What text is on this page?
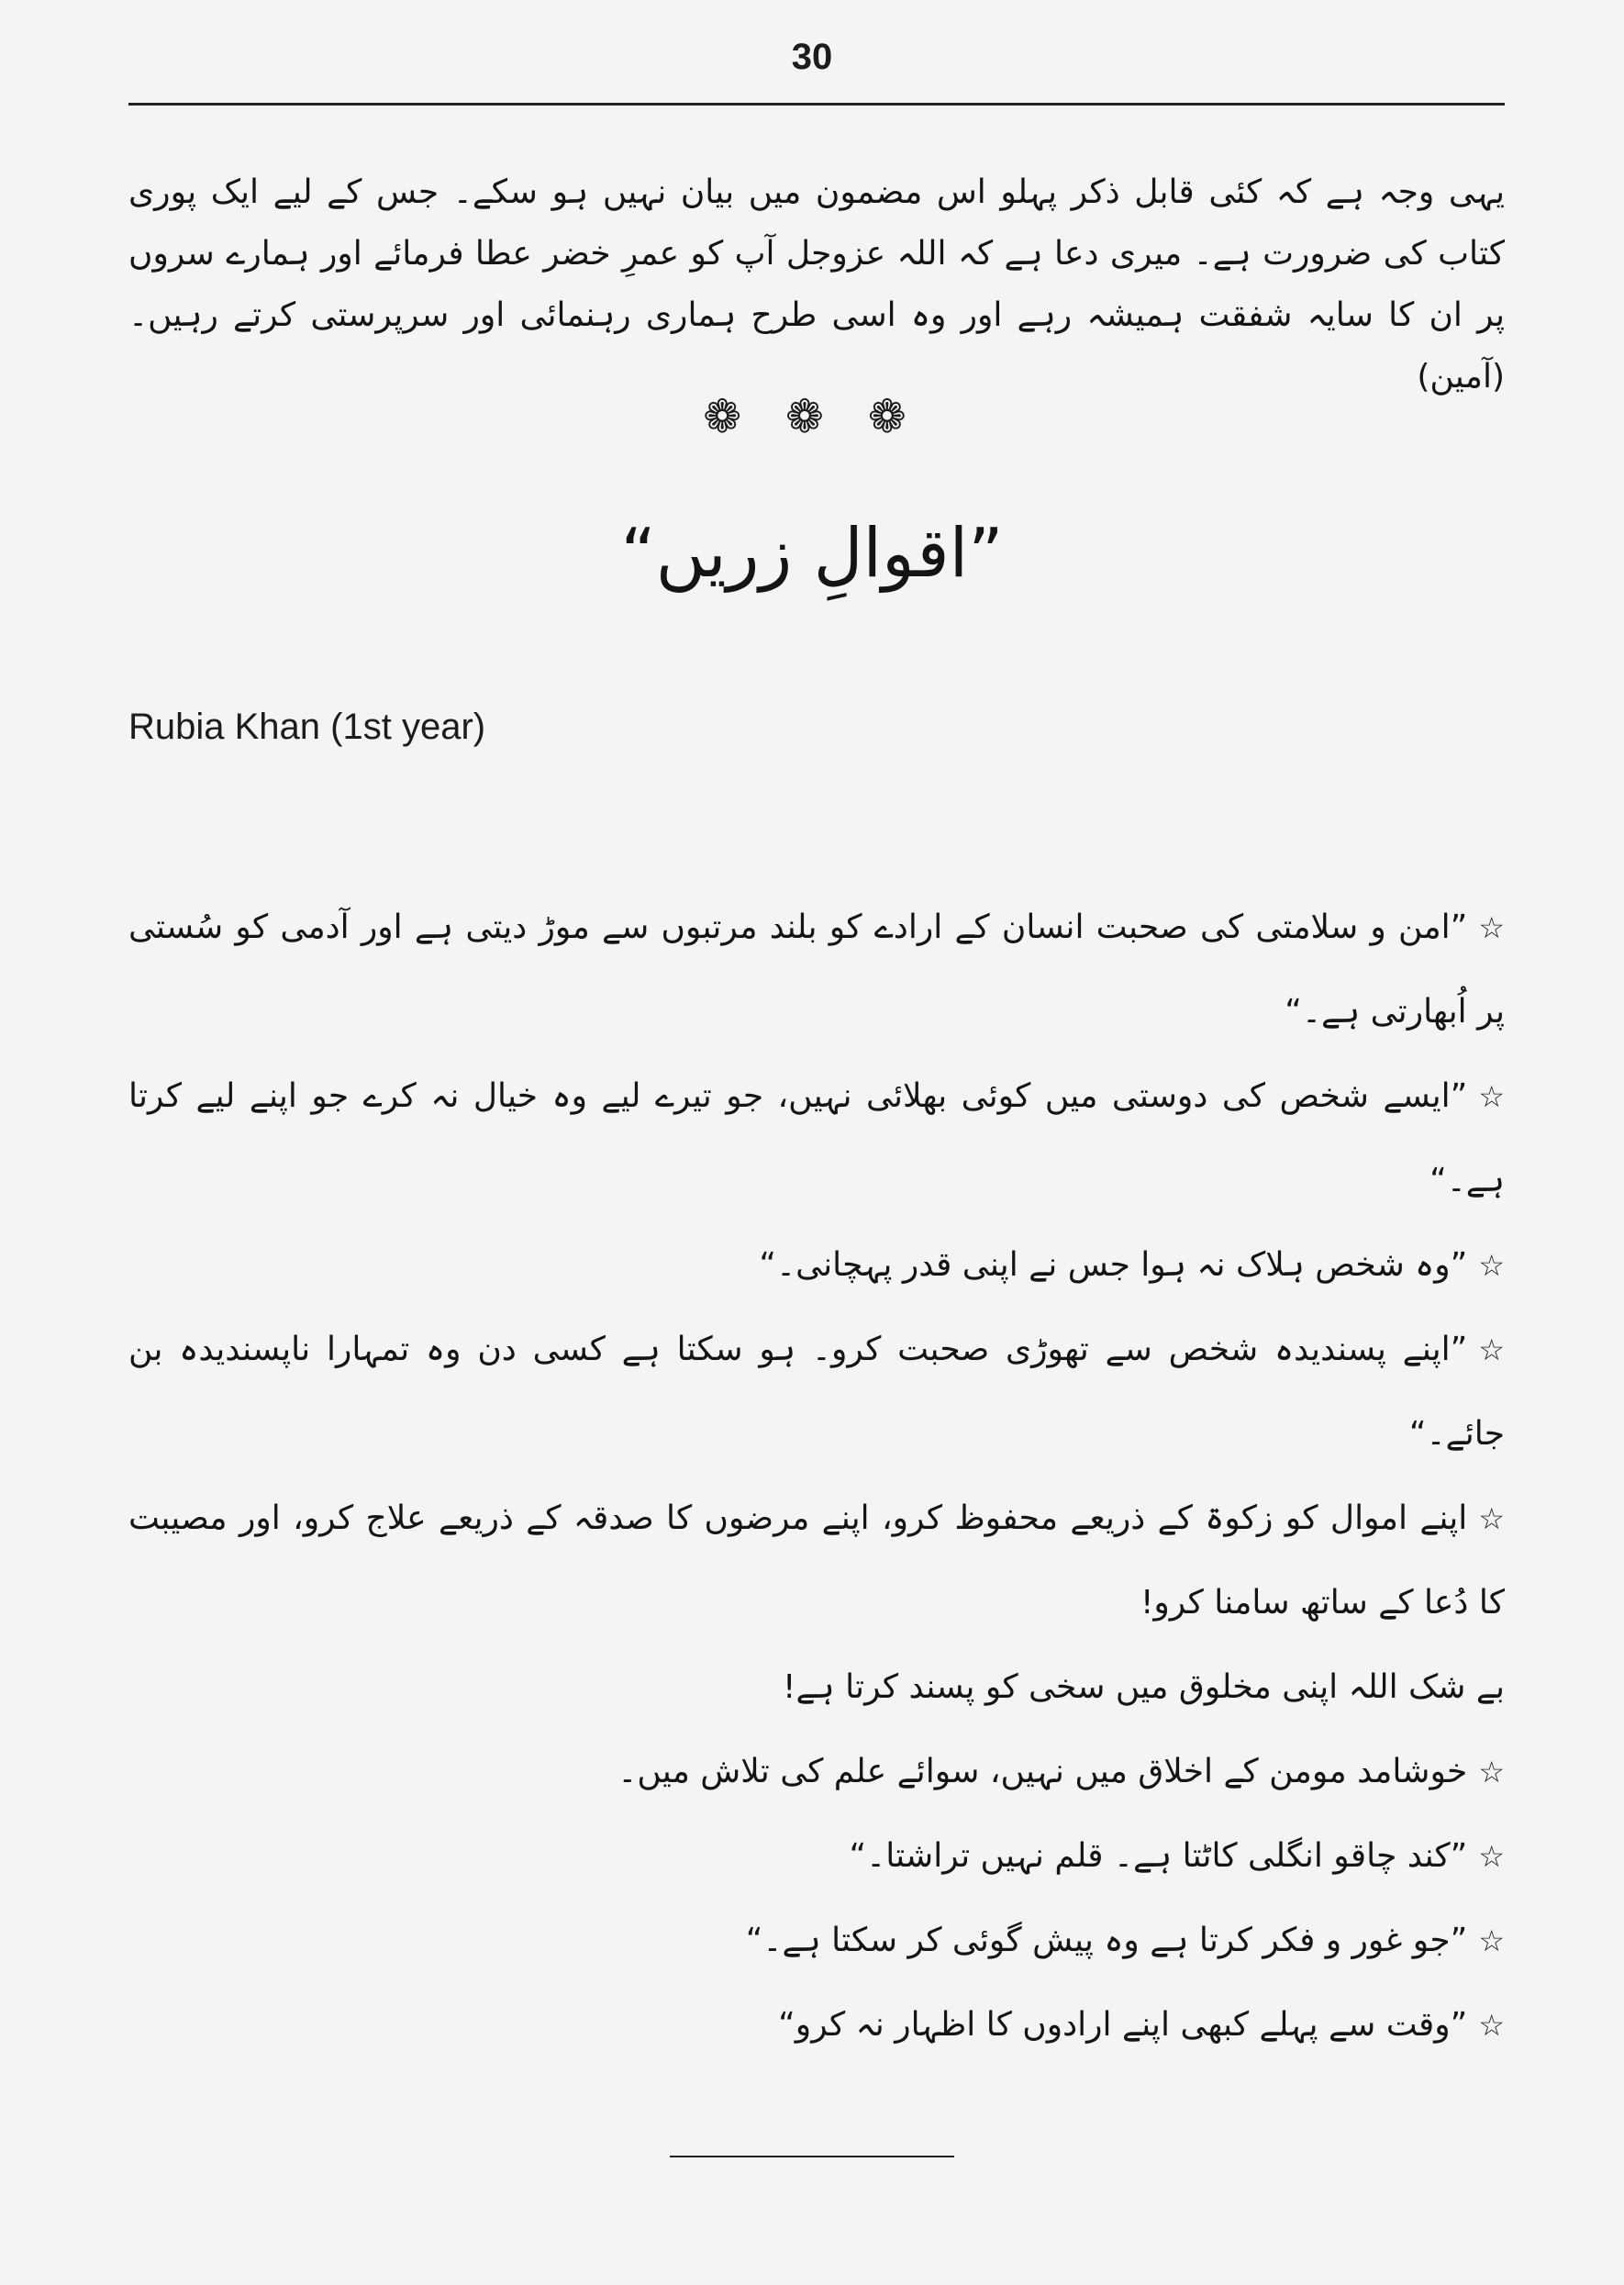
30

یہی وجہ ہے کہ کئی قابل ذکر پہلو اس مضمون میں بیان نہیں ہو سکے۔ جس کے لیے ایک پوری کتاب کی ضرورت ہے۔ میری دعا ہے کہ اللہ عزوجل آپ کو عمرِ خضر عطا فرمائے اور ہمارے سروں پر ان کا سایہ شفقت ہمیشہ رہے اور وہ اسی طرح ہماری رہنمائی اور سرپرستی کرتے رہیں۔ (آمین)

❁ ❁ ❁
”اقوالِ زریں“
Rubia Khan (1st year)
☆”امن و سلامتی کی صحبت انسان کے ارادے کو بلند مرتبوں سے موڑ دیتی ہے اور آدمی کو سُستی پر اُبھارتی ہے۔“
☆”ایسے شخص کی دوستی میں کوئی بھلائی نہیں، جو تیرے لیے وہ خیال نہ کرے جو اپنے لیے کرتا ہے۔“
☆”وہ شخص ہلاک نہ ہوا جس نے اپنی قدر پہچانی۔“
☆”اپنے پسندیدہ شخص سے تھوڑی صحبت کرو۔ ہو سکتا ہے کسی دن وہ تمہارا ناپسندیدہ بن جائے۔“
☆اپنے اموال کو زکوۃ کے ذریعے محفوظ کرو، اپنے مرضوں کا صدقہ کے ذریعے علاج کرو، اور مصیبت کا دُعا کے ساتھ سامنا کرو!
بے شک اللہ اپنی مخلوق میں سخی کو پسند کرتا ہے!
☆خوشامد مومن کے اخلاق میں نہیں، سوائے علم کی تلاش میں۔
☆”کند چاقو انگلی کاٹتا ہے۔ قلم نہیں تراشتا۔“
☆”جو غور و فکر کرتا ہے وہ پیش گوئی کر سکتا ہے۔“
☆”وقت سے پہلے کبھی اپنے ارادوں کا اظہار نہ کرو“
